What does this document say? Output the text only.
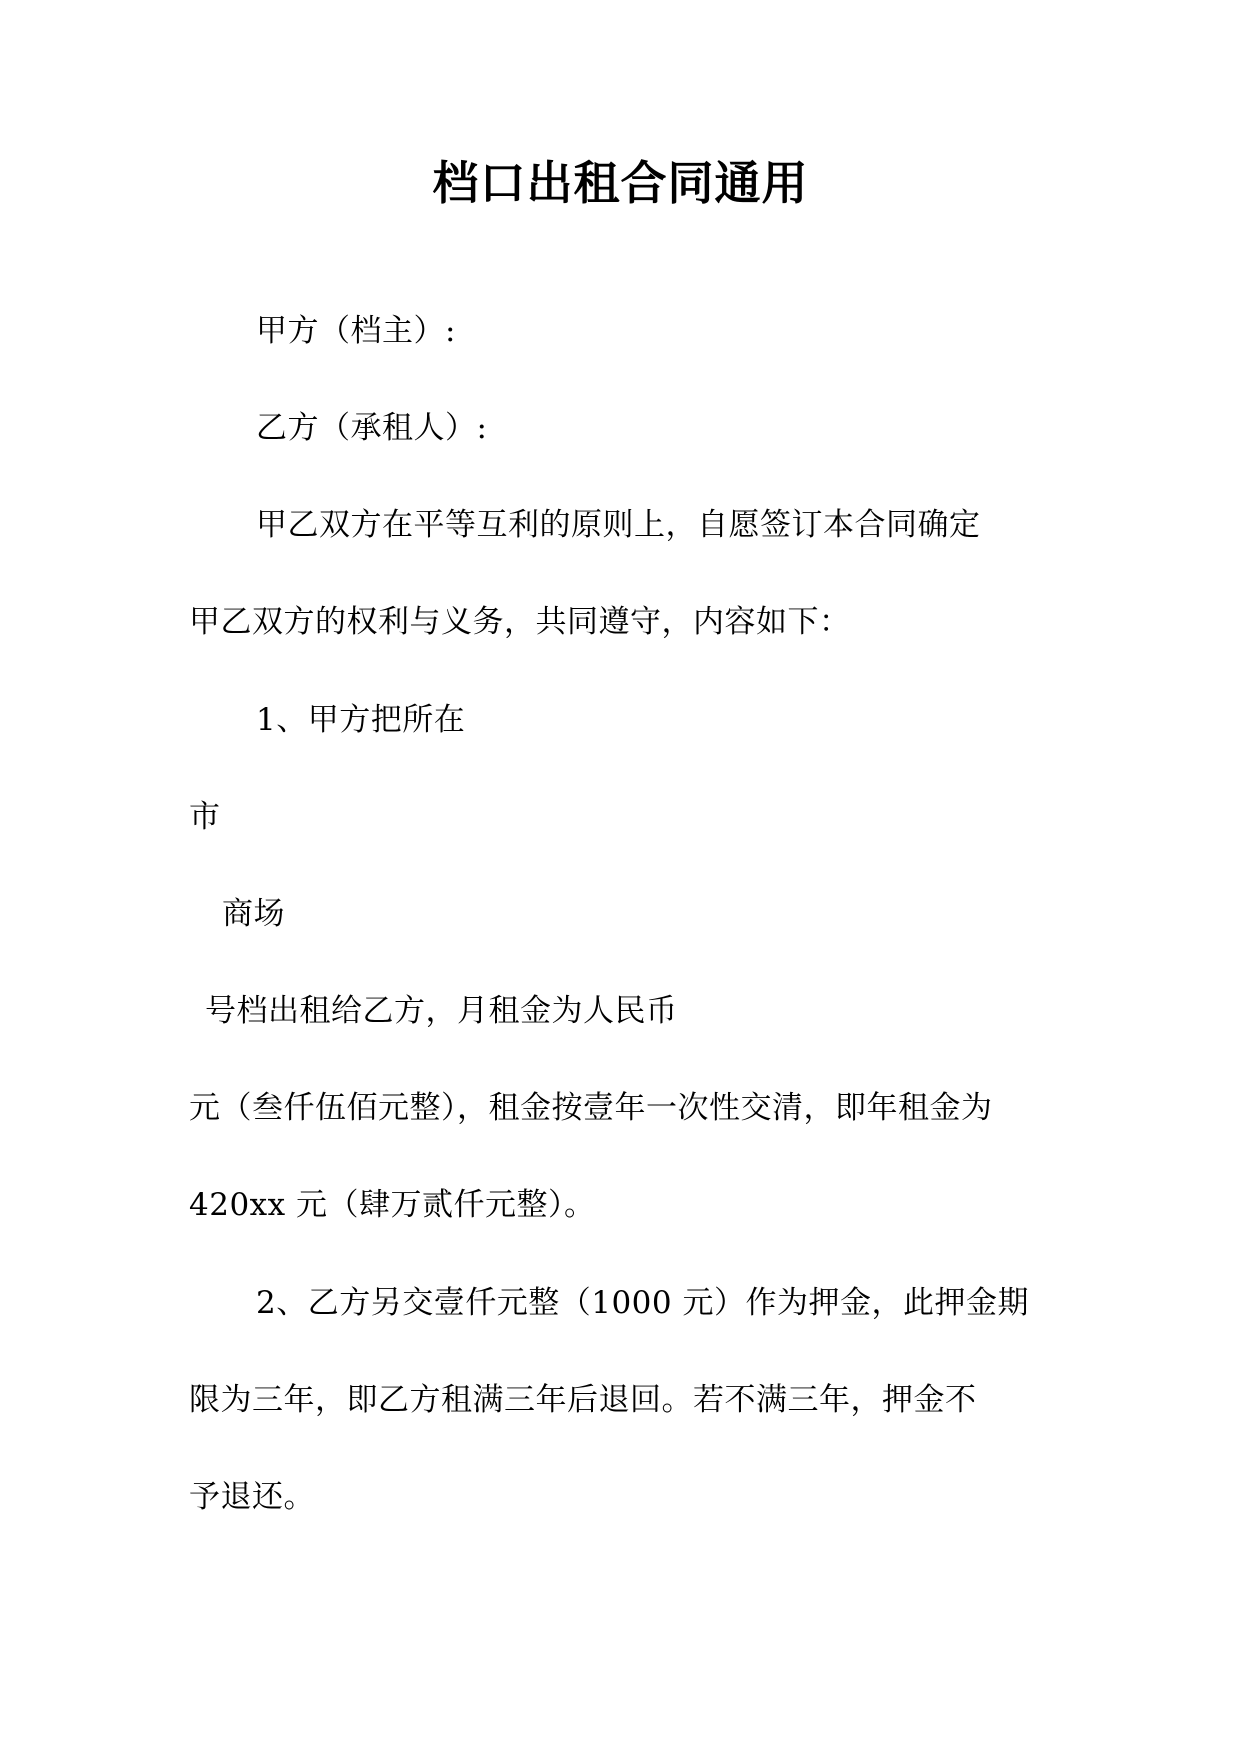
档口出租合同通用
甲方（档主）:
乙方（承租人）:
甲乙双方在平等互利的原则上，自愿签订本合同确定
甲乙双方的权利与义务，共同遵守，内容如下：
1、甲方把所在
市
商场
号档出租给乙方，月租金为人民币
元（叁仟伍佰元整），租金按壹年一次性交清，即年租金为
420xx 元（肆万贰仟元整）。
2、乙方另交壹仟元整（1000 元）作为押金，此押金期
限为三年，即乙方租满三年后退回。若不满三年，押金不
予退还。
